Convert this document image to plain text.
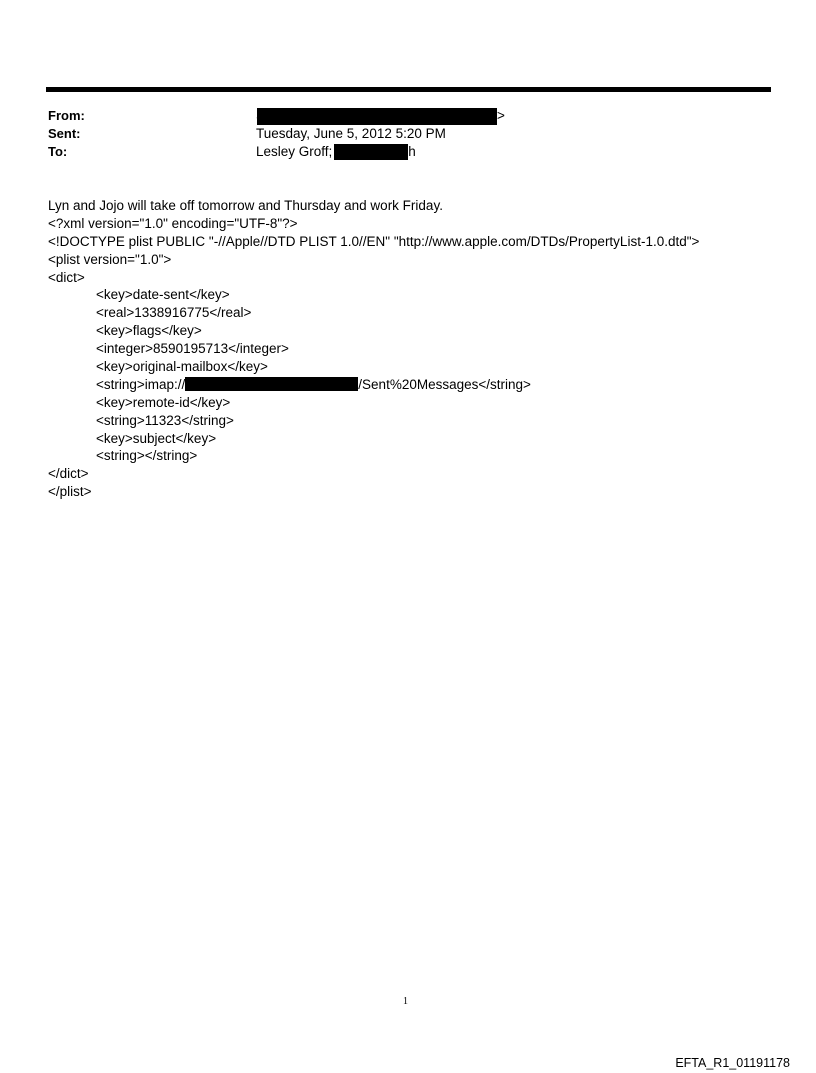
From:
Sent:
To:
>
Tuesday, June 5, 2012 5:20 PM
Lesley Groff;	h
Lyn and Jojo will take off tomorrow and Thursday and work Friday.
<?xml version="1.0" encoding="UTF-8"?>
<!DOCTYPE plist PUBLIC "-//Apple//DTD PLIST 1.0//EN" "http://www.apple.com/DTDs/PropertyList-1.0.dtd">
<plist version="1.0">
<dict>
<key>date-sent</key>
<real>1338916775</real>
<key>flags</key>
<integer>8590195713</integer>
<key>original-mailbox</key>
<string>imap://	/Sent%20Messages</string>
<key>remote-id</key>
<string>11323</string>
<key>subject</key>
<string></string>
</dict>
</plist>
1
EFTA_R1_01191178
